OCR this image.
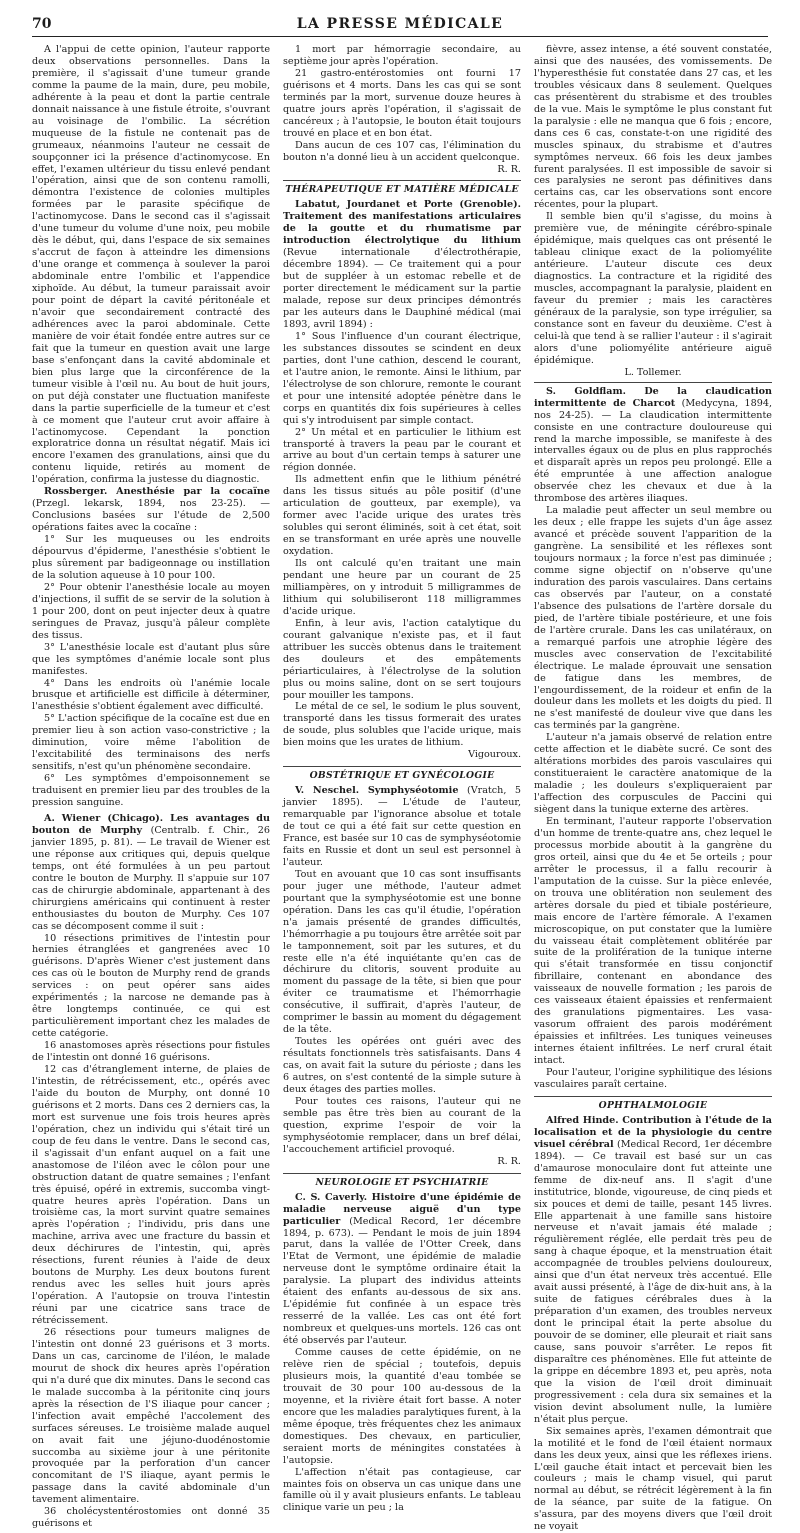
70	LA PRESSE MÉDICALE

A l'appui de cette opinion, l'auteur rapporte deux observations personnelles. Dans la première, il s'agissait d'une tumeur grande comme la paume de la main, dure, peu mobile, adhérente à la peau et dont la partie centrale donnait naissance à une fistule étroite, s'ouvrant au voisinage de l'ombilic. La sécrétion muqueuse de la fistule ne contenait pas de grumeaux, néanmoins l'auteur ne cessait de soupçonner ici la présence d'actinomycose. En effet, l'examen ultérieur du tissu enlevé pendant l'opération, ainsi que de son contenu ramolli, démontra l'existence de colonies multiples formées par le parasite spécifique de l'actinomycose. Dans le second cas il s'agissait d'une tumeur du volume d'une noix, peu mobile dès le début, qui, dans l'espace de six semaines s'accrut de façon à atteindre les dimensions d'une orange et commença à soulever la paroi abdominale entre l'ombilic et l'appendice xiphoïde. Au début, la tumeur paraissait avoir pour point de départ la cavité péritonéale et n'avoir que secondairement contracté des adhérences avec la paroi abdominale. Cette manière de voir était fondée entre autres sur ce fait que la tumeur en question avait une large base s'enfonçant dans la cavité abdominale et bien plus large que la circonférence de la tumeur visible à l'œil nu. Au bout de huit jours, on put déjà constater une fluctuation manifeste dans la partie superficielle de la tumeur et c'est à ce moment que l'auteur crut avoir affaire à l'actinomycose. Cependant la ponction exploratrice donna un résultat négatif. Mais ici encore l'examen des granulations, ainsi que du contenu liquide, retirés au moment de l'opération, confirma la justesse du diagnostic.

Rossberger. Anesthésie par la cocaïne (Przegl. lekarsk, 1894, nos 23-25). — Conclusions basées sur l'étude de 2,500 opérations faites avec la cocaïne :

1° Sur les muqueuses ou les endroits dépourvus d'épiderme, l'anesthésie s'obtient le plus sûrement par badigeonnage ou instillation de la solution aqueuse à 10 pour 100.

2° Pour obtenir l'anesthésie locale au moyen d'injections, il suffit de se servir de la solution à 1 pour 200, dont on peut injecter deux à quatre seringues de Pravaz, jusqu'à pâleur complète des tissus.

3° L'anesthésie locale est d'autant plus sûre que les symptômes d'anémie locale sont plus manifestes.

4° Dans les endroits où l'anémie locale brusque et artificielle est difficile à déterminer, l'anesthésie s'obtient également avec difficulté.

5° L'action spécifique de la cocaïne est due en premier lieu à son action vaso-constrictive ; la diminution, voire même l'abolition de l'excitabilité des terminaisons des nerfs sensitifs, n'est qu'un phénomène secondaire.

6° Les symptômes d'empoisonnement se traduisent en premier lieu par des troubles de la pression sanguine.

A. Wiener (Chicago). Les avantages du bouton de Murphy (Centralb. f. Chir., 26 janvier 1895, p. 81). — Le travail de Wiener est une réponse aux critiques qui, depuis quelque temps, ont été formulées à un peu partout contre le bouton de Murphy. Il s'appuie sur 107 cas de chirurgie abdominale, appartenant à des chirurgiens américains qui continuent à rester enthousiastes du bouton de Murphy. Ces 107 cas se décomposent comme il suit :

10 résections primitives de l'intestin pour hernies étranglées et gangrenées avec 10 guérisons. D'après Wiener c'est justement dans ces cas où le bouton de Murphy rend de grands services : on peut opérer sans aides expérimentés ; la narcose ne demande pas à être longtemps continuée, ce qui est particulièrement important chez les malades de cette catégorie.

16 anastomoses après résections pour fistules de l'intestin ont donné 16 guérisons.

12 cas d'étranglement interne, de plaies de l'intestin, de rétrécissement, etc., opérés avec l'aide du bouton de Murphy, ont donné 10 guérisons et 2 morts. Dans ces 2 derniers cas, la mort est survenue une fois trois heures après l'opération, chez un individu qui s'était tiré un coup de feu dans le ventre. Dans le second cas, il s'agissait d'un enfant auquel on a fait une anastomose de l'iléon avec le côlon pour une obstruction datant de quatre semaines ; l'enfant très épuisé, opéré in extremis, succomba vingt-quatre heures après l'opération. Dans un troisième cas, la mort survint quatre semaines après l'opération ; l'individu, pris dans une machine, arriva avec une fracture du bassin et deux déchirures de l'intestin, qui, après résections, furent réunies à l'aide de deux boutons de Murphy. Les deux boutons furent rendus avec les selles huit jours après l'opération. A l'autopsie on trouva l'intestin réuni par une cicatrice sans trace de rétrécissement.

26 résections pour tumeurs malignes de l'intestin ont donné 23 guérisons et 3 morts. Dans un cas, carcinome de l'iléon, le malade mourut de shock dix heures après l'opération qui n'a duré que dix minutes. Dans le second cas le malade succomba à la péritonite cinq jours après la résection de l'S iliaque pour cancer ; l'infection avait empêché l'accolement des surfaces séreuses. Le troisième malade auquel on avait fait une jéjuno-duodénostomie succomba au sixième jour à une péritonite provoquée par la perforation d'un cancer concomitant de l'S iliaque, ayant permis le passage dans la cavité abdominale d'un tavement alimentaire.

36 cholécystentérostomies ont donné 35 guérisons et

1 mort par hémorragie secondaire, au septième jour après l'opération.

21 gastro-entérostomies ont fourni 17 guérisons et 4 morts. Dans les cas qui se sont terminés par la mort, survenue douze heures à quatre jours après l'opération, il s'agissait de cancéreux ; à l'autopsie, le bouton était toujours trouvé en place et en bon état.

Dans aucun de ces 107 cas, l'élimination du bouton n'a donné lieu à un accident quelconque.

R. R.

THÉRAPEUTIQUE ET MATIÈRE MÉDICALE

Labatut, Jourdanet et Porte (Grenoble). Traitement des manifestations articulaires de la goutte et du rhumatisme par introduction électrolytique du lithium (Revue internationale d'électrothérapie, décembre 1894). — Ce traitement qui a pour but de suppléer à un estomac rebelle et de porter directement le médicament sur la partie malade, repose sur deux principes démontrés par les auteurs dans le Dauphiné médical (mai 1893, avril 1894) :

1° Sous l'influence d'un courant électrique, les substances dissoutes se scindent en deux parties, dont l'une cathion, descend le courant, et l'autre anion, le remonte. Ainsi le lithium, par l'électrolyse de son chlorure, remonte le courant et pour une intensité adoptée pénètre dans le corps en quantités dix fois supérieures à celles qui s'y introduisent par simple contact.

2° Un métal et en particulier le lithium est transporté à travers la peau par le courant et arrive au bout d'un certain temps à saturer une région donnée.

Ils admettent enfin que le lithium pénétré dans les tissus situés au pôle positif (d'une articulation de goutteux, par exemple), va former avec l'acide urique des urates très solubles qui seront éliminés, soit à cet état, soit en se transformant en urée après une nouvelle oxydation.

Ils ont calculé qu'en traitant une main pendant une heure par un courant de 25 milliampères, on y introduit 5 milligrammes de lithium qui solubiliseront 118 milligrammes d'acide urique.

Enfin, à leur avis, l'action catalytique du courant galvanique n'existe pas, et il faut attribuer les succès obtenus dans le traitement des douleurs et des empâtements périarticulaires, à l'électrolyse de la solution plus ou moins saline, dont on se sert toujours pour mouiller les tampons.

Le métal de ce sel, le sodium le plus souvent, transporté dans les tissus formerait des urates de soude, plus solubles que l'acide urique, mais bien moins que les urates de lithium.

Vigouroux.

OBSTÉTRIQUE ET GYNÉCOLOGIE

V. Neschel. Symphyséotomie (Vratch, 5 janvier 1895). — L'étude de l'auteur, remarquable par l'ignorance absolue et totale de tout ce qui a été fait sur cette question en France, est basée sur 10 cas de symphyséotomie faits en Russie et dont un seul est personnel à l'auteur.

Tout en avouant que 10 cas sont insuffisants pour juger une méthode, l'auteur admet pourtant que la symphyséotomie est une bonne opération. Dans les cas qu'il étudie, l'opération n'a jamais présenté de grandes difficultés, l'hémorrhagie a pu toujours être arrêtée soit par le tamponnement, soit par les sutures, et du reste elle n'a été inquiétante qu'en cas de déchirure du clitoris, souvent produite au moment du passage de la tête, si bien que pour éviter ce traumatisme et l'hémorrhagie consécutive, il suffirait, d'après l'auteur, de comprimer le bassin au moment du dégagement de la tête.

Toutes les opérées ont guéri avec des résultats fonctionnels très satisfaisants. Dans 4 cas, on avait fait la suture du périoste ; dans les 6 autres, on s'est contenté de la simple suture à deux étages des parties molles.

Pour toutes ces raisons, l'auteur qui ne semble pas être très bien au courant de la question, exprime l'espoir de voir la symphyséotomie remplacer, dans un bref délai, l'accouchement artificiel provoqué.

R. R.

NEUROLOGIE ET PSYCHIATRIE

C. S. Caverly. Histoire d'une épidémie de maladie nerveuse aiguë d'un type particulier (Medical Record, 1er décembre 1894, p. 673). — Pendant le mois de juin 1894 parut, dans la vallée de l'Otter Creek, dans l'Etat de Vermont, une épidémie de maladie nerveuse dont le symptôme ordinaire était la paralysie. La plupart des individus atteints étaient des enfants au-dessous de six ans. L'épidémie fut confinée à un espace très resserré de la vallée. Les cas ont été fort nombreux et quelques-uns mortels. 126 cas ont été observés par l'auteur.

Comme causes de cette épidémie, on ne relève rien de spécial ; toutefois, depuis plusieurs mois, la quantité d'eau tombée se trouvait de 30 pour 100 au-dessous de la moyenne, et la rivière était fort basse. A noter encore que les maladies paralytiques furent, à la même époque, très fréquentes chez les animaux domestiques. Des chevaux, en particulier, seraient morts de méningites constatées à l'autopsie.

L'affection n'était pas contagieuse, car maintes fois on observa un cas unique dans une famille où il y avait plusieurs enfants. Le tableau clinique varie un peu ; la

fièvre, assez intense, a été souvent constatée, ainsi que des nausées, des vomissements. De l'hyperesthésie fut constatée dans 27 cas, et les troubles vésicaux dans 8 seulement. Quelques cas présentèrent du strabisme et des troubles de la vue. Mais le symptôme le plus constant fut la paralysie : elle ne manqua que 6 fois ; encore, dans ces 6 cas, constate-t-on une rigidité des muscles spinaux, du strabisme et d'autres symptômes nerveux. 66 fois les deux jambes furent paralysées. Il est impossible de savoir si ces paralysies ne seront pas définitives dans certains cas, car les observations sont encore récentes, pour la plupart.

Il semble bien qu'il s'agisse, du moins à première vue, de méningite cérébro-spinale épidémique, mais quelques cas ont présenté le tableau clinique exact de la poliomyélite antérieure. L'auteur discute ces deux diagnostics. La contracture et la rigidité des muscles, accompagnant la paralysie, plaident en faveur du premier ; mais les caractères généraux de la paralysie, son type irrégulier, sa constance sont en faveur du deuxième. C'est à celui-là que tend à se rallier l'auteur : il s'agirait alors d'une poliomyélite antérieure aiguë épidémique.

L. Tollemer.

S. Goldflam. De la claudication intermittente de Charcot (Medycyna, 1894, nos 24-25). — La claudication intermittente consiste en une contracture douloureuse qui rend la marche impossible, se manifeste à des intervalles égaux ou de plus en plus rapprochés et disparaît après un repos peu prolongé. Elle a été empruntée à une affection analogue observée chez les chevaux et due à la thrombose des artères iliaques.

La maladie peut affecter un seul membre ou les deux ; elle frappe les sujets d'un âge assez avancé et précède souvent l'apparition de la gangrène. La sensibilité et les réflexes sont toujours normaux ; la force n'est pas diminuée ; comme signe objectif on n'observe qu'une induration des parois vasculaires. Dans certains cas observés par l'auteur, on a constaté l'absence des pulsations de l'artère dorsale du pied, de l'artère tibiale postérieure, et une fois de l'artère crurale. Dans les cas unilatéraux, on a remarqué parfois une atrophie légère des muscles avec conservation de l'excitabilité électrique. Le malade éprouvait une sensation de fatigue dans les membres, de l'engourdissement, de la roideur et enfin de la douleur dans les mollets et les doigts du pied. Il ne s'est manifesté de douleur vive que dans les cas terminés par la gangrène.

L'auteur n'a jamais observé de relation entre cette affection et le diabète sucré. Ce sont des altérations morbides des parois vasculaires qui constitueraient le caractère anatomique de la maladie ; les douleurs s'expliqueraient par l'affection des corpuscules de Paccini qui siègent dans la tunique externe des artères.

En terminant, l'auteur rapporte l'observation d'un homme de trente-quatre ans, chez lequel le processus morbide aboutit à la gangrène du gros orteil, ainsi que du 4e et 5e orteils ; pour arrêter le processus, il a fallu recourir à l'amputation de la cuisse. Sur la pièce enlevée, on trouva une oblitération non seulement des artères dorsale du pied et tibiale postérieure, mais encore de l'artère fémorale. A l'examen microscopique, on put constater que la lumière du vaisseau était complètement oblitérée par suite de la prolifération de la tunique interne qui s'était transformée en tissu conjonctif fibrillaire, contenant en abondance des vaisseaux de nouvelle formation ; les parois de ces vaisseaux étaient épaissies et renfermaient des granulations pigmentaires. Les vasa-vasorum offraient des parois modérément épaissies et infiltrées. Les tuniques veineuses internes étaient infiltrées. Le nerf crural était intact.

Pour l'auteur, l'origine syphilitique des lésions vasculaires paraît certaine.

OPHTHALMOLOGIE

Alfred Hinde. Contribution à l'étude de la localisation et de la physiologie du centre visuel cérébral (Medical Record, 1er décembre 1894). — Ce travail est basé sur un cas d'amaurose monoculaire dont fut atteinte une femme de dix-neuf ans. Il s'agit d'une institutrice, blonde, vigoureuse, de cinq pieds et six pouces et demi de taille, pesant 145 livres. Elle appartenait à une famille sans histoire nerveuse et n'avait jamais été malade ; régulièrement réglée, elle perdait très peu de sang à chaque époque, et la menstruation était accompagnée de troubles pelviens douloureux, ainsi que d'un état nerveux très accentué. Elle avait aussi présenté, à l'âge de dix-huit ans, à la suite de fatigues cérébrales dues à la préparation d'un examen, des troubles nerveux dont le principal était la perte absolue du pouvoir de se dominer, elle pleurait et riait sans cause, sans pouvoir s'arrêter. Le repos fit disparaître ces phénomènes. Elle fut atteinte de la grippe en décembre 1893 et, peu après, nota que la vision de l'œil droit diminuait progressivement : cela dura six semaines et la vision devint absolument nulle, la lumière n'était plus perçue.

Six semaines après, l'examen démontrait que la motilité et le fond de l'œil étaient normaux dans les deux yeux, ainsi que les réflexes iriens. L'œil gauche était intact et percevait bien les couleurs ; mais le champ visuel, qui parut normal au début, se rétrécit légèrement à la fin de la séance, par suite de la fatigue. On s'assura, par des moyens divers que l'œil droit ne voyait
